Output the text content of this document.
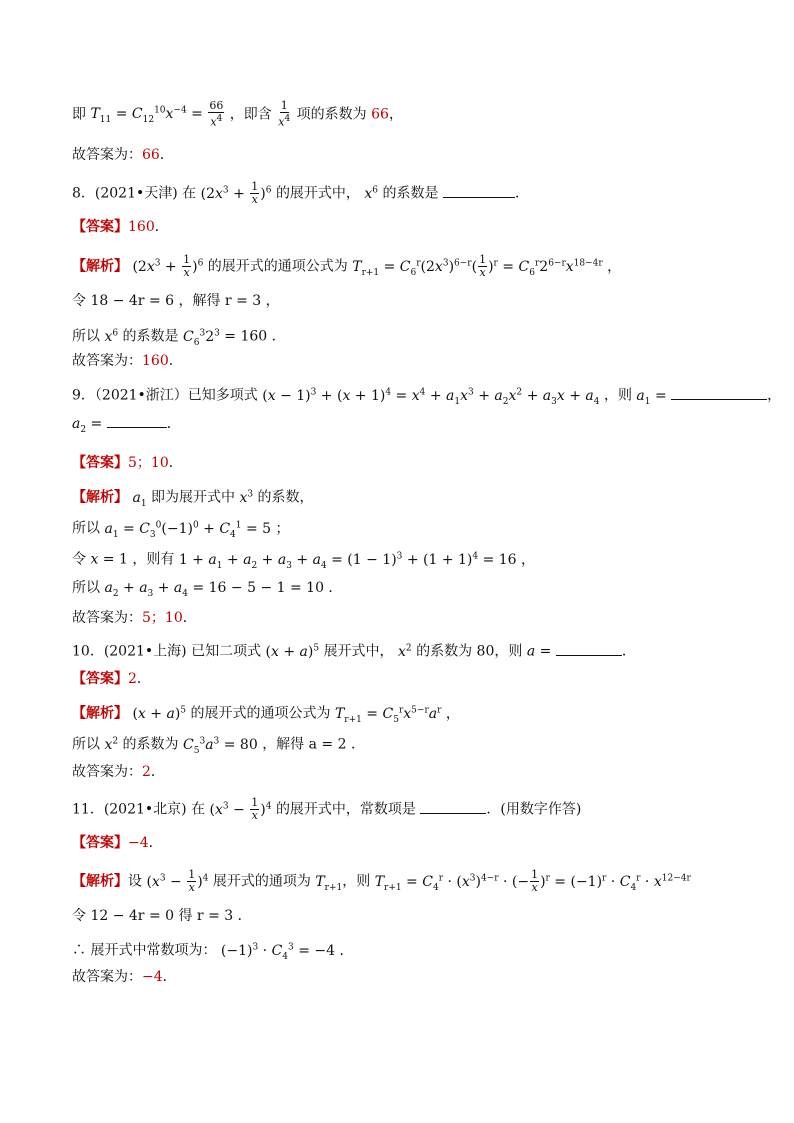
即 $T_{11} = C_{12}^{10}x^{-4} = \frac{66}{x^4}$ ，即含 $\frac{1}{x^4}$ 项的系数为 66，
故答案为：66．
8．(2021•天津) 在 $(2x^3 + \frac{1}{x} )^6$ 的展开式中， $x^6$ 的系数是	．
【答案】160．
【解析】 $(2x^3 + \frac{1}{x} )^6$ 的展开式的通项公式为 $T_{r+1} = C_6^r(2x^3)^{6-r}( \frac{1}{x} )^r = C_6^r2^{6-r}x^{18-4r}$ ，
令 18 − 4r = 6 ，解得 r = 3 ，
所以 $x^6$ 的系数是 $C_6^32^3 = 160$ ．
故答案为：160．
9．（2021•浙江）已知多项式 $(x - 1)^3 + (x + 1)^4 = x^4 + a_1x^3 + a_2x^2 + a_3x + a_4$ ，则 $a_1$ =	，
$a_2$ =	．
【答案】5；10．
【解析】 $a_1$ 即为展开式中 $x^3$ 的系数，
所以 $a_1 = C_3^0(-1)^0 + C_4^1 = 5$ ；
令 x = 1 ，则有 $1 + a_1 + a_2 + a_3 + a_4 = (1 - 1)^3 + (1 + 1)^4 = 16$ ，
所以 $a_2 + a_3 + a_4 = 16 - 5 - 1 = 10$ ．
故答案为：5；10．
10．(2021•上海) 已知二项式 $(x + a)^5$ 展开式中， $x^2$ 的系数为 80，则 a =	．
【答案】2．
【解析】 $(x + a)^5$ 的展开式的通项公式为 $T_{r+1} = C_5^rx^{5-r}a^r$ ，
所以 $x^2$ 的系数为 $C_5^3a^3 = 80$ ，解得 a = 2 ．
故答案为：2．
11．(2021•北京) 在 $(x^3 - \frac{1}{x} )^4$ 的展开式中，常数项是	．(用数字作答)
【答案】−4．
【解析】设 $(x^3 - \frac{1}{x} )^4$ 展开式的通项为 $T_{r+1}$，则 $T_{r+1} = C_4^r \cdot (x^3)^{4-r}$ · (− $\frac{1}{x} )^r = (-1)^r \cdot C_4^r \cdot x^{12-4r}$
令 12 − 4r = 0 得 r = 3 ．
∴ 展开式中常数项为： $(-1)^3 \cdot C_4^3 = -4$ ．
故答案为：−4．
